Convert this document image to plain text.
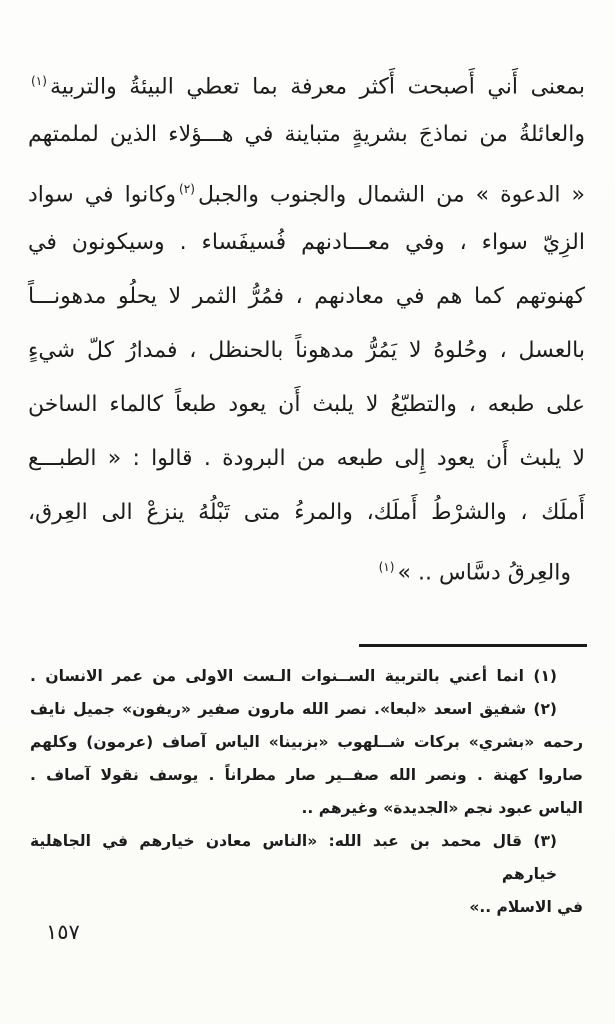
بمعنى أَني أَصبحت أَكثر معرفة بما تعطي البيئةُ والتربية$^{(١)}$
والعائلةُ من نماذجَ بشريةٍ متباينة في هـــؤلاء الذين لملمتهم
« الدعوة » من الشمال والجنوب والجبل$^{(٢)}$وكانوا في سواد
الزِيّ سواء ، وفي معـــادنهم فُسيفَساء . وسيكونون في
كهنوتهم كما هم في معادنهم ، فمُرُّ الثمر لا يحلُو مدهونـــاً
بالعسل ، وحُلوهُ لا يَمُرُّ مدهوناً بالحنظل ، فمدارُ كلّ شيءٍ
على طبعه ، والتطبّعُ لا يلبث أَن يعود طبعاً كالماء الساخن
لا يلبث أَن يعود إِلى طبعه من البرودة . قالوا : « الطبـــع
أَملَك ، والشرْطُ أَملَك، والمرءُ متى تَبْلُهُ ينزعْ الى العِرق،
والعِرقُ دسَّاس .. »$^{(١)}$
(١) انما أعني بالتربية الســنوات الـست الاولى من عمر الانسان .
(٢) شفيق اسعد «لبعا». نصر الله مارون صفير «ريفون» جميل نايف
رحمه «بشري» بركات شــلهوب «بزبينا» الياس آصاف (عرمون) وكلهم
صاروا كهنة . ونصر الله صفــير صار مطراناً . يوسف نقولا آصاف .
الياس عبود نجم «الجديدة» وغيرهم ..
(٣) قال محمد بن عبد الله: «الناس معادن خيارهم في الجاهلية خيارهم
في الاسلام ..»
١٥٧
